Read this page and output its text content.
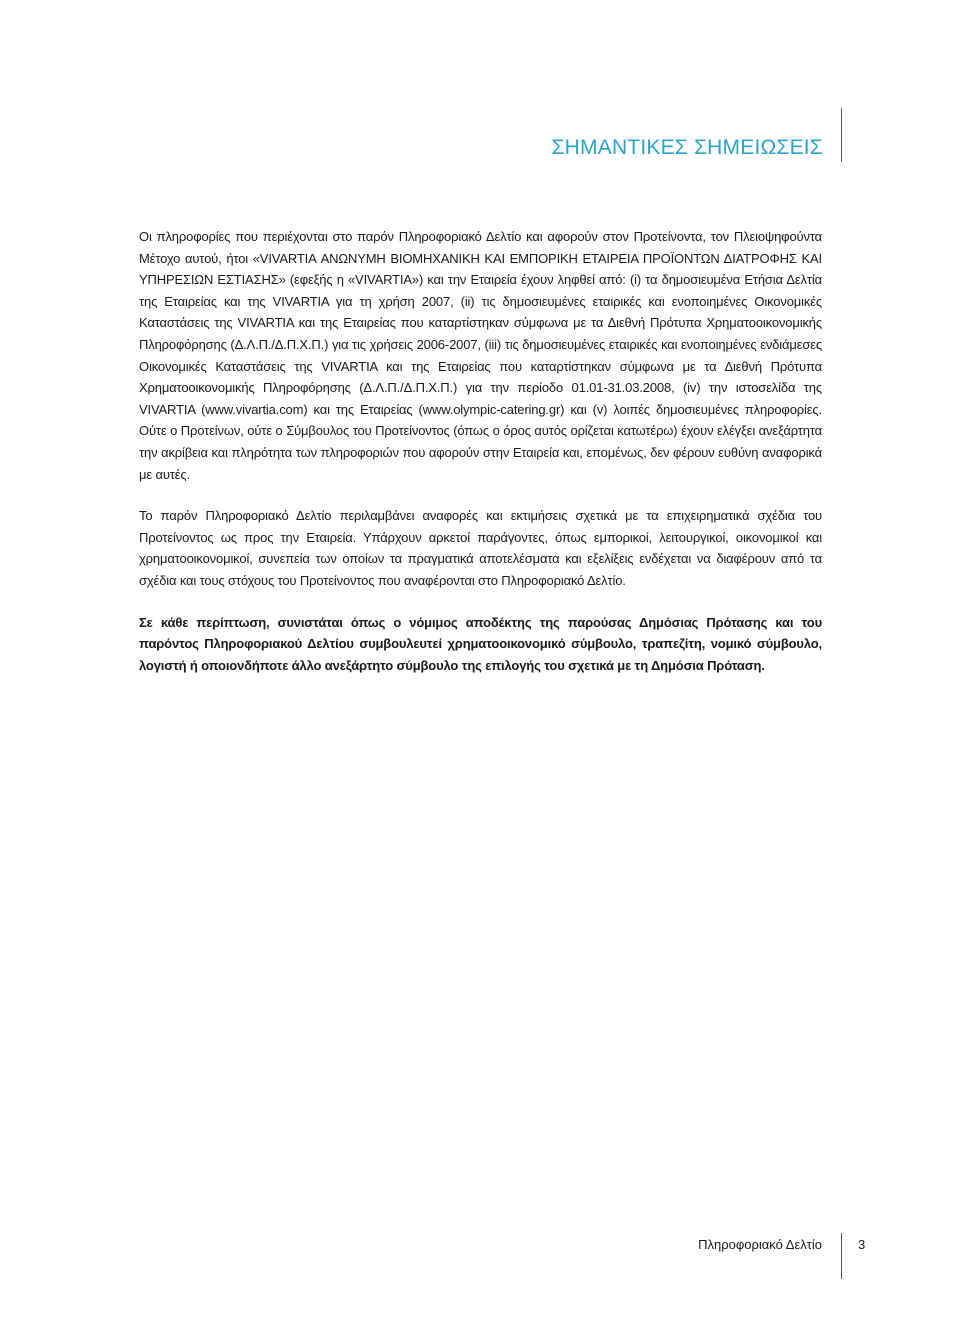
ΣΗΜΑΝΤΙΚΕΣ ΣΗΜΕΙΩΣΕΙΣ

Οι πληροφορίες που περιέχονται στο παρόν Πληροφοριακό Δελτίο και αφορούν στον Προτείνοντα, τον Πλειοψηφούντα Μέτοχο αυτού, ήτοι «VIVARTIA ΑΝΩΝΥΜΗ ΒΙΟΜΗΧΑΝΙΚΗ ΚΑΙ ΕΜΠΟΡΙΚΗ ΕΤΑΙΡΕΙΑ ΠΡΟΪΟΝΤΩΝ ΔΙΑΤΡΟΦΗΣ ΚΑΙ ΥΠΗΡΕΣΙΩΝ ΕΣΤΙΑΣΗΣ» (εφεξής η «VIVARTIA») και την Εταιρεία έχουν ληφθεί από: (i) τα δημοσιευμένα Ετήσια Δελτία της Εταιρείας και της VIVARTIA για τη χρήση 2007, (ii) τις δημοσιευμένες εταιρικές και ενοποιημένες Οικονομικές Καταστάσεις της VIVARTIA και της Εταιρείας που καταρτίστηκαν σύμφωνα με τα Διεθνή Πρότυπα Χρηματοοικονομικής Πληροφόρησης (Δ.Λ.Π./Δ.Π.Χ.Π.) για τις χρήσεις 2006-2007, (iii) τις δημοσιευμένες εταιρικές και ενοποιημένες ενδιάμεσες Οικονομικές Καταστάσεις της VIVARTIA και της Εταιρείας που καταρτίστηκαν σύμφωνα με τα Διεθνή Πρότυπα Χρηματοοικονομικής Πληροφόρησης (Δ.Λ.Π./Δ.Π.Χ.Π.) για την περίοδο 01.01-31.03.2008, (iv) την ιστοσελίδα της VIVARTIA (www.vivartia.com) και της Εταιρείας (www.olympic-catering.gr) και (v) λοιπές δημοσιευμένες πληροφορίες. Ούτε ο Προτείνων, ούτε ο Σύμβουλος του Προτείνοντος (όπως ο όρος αυτός ορίζεται κατωτέρω) έχουν ελέγξει ανεξάρτητα την ακρίβεια και πληρότητα των πληροφοριών που αφορούν στην Εταιρεία και, επομένως, δεν φέρουν ευθύνη αναφορικά με αυτές.

Το παρόν Πληροφοριακό Δελτίο περιλαμβάνει αναφορές και εκτιμήσεις σχετικά με τα επιχειρηματικά σχέδια του Προτείνοντος ως προς την Εταιρεία. Υπάρχουν αρκετοί παράγοντες, όπως εμπορικοί, λειτουργικοί, οικονομικοί και χρηματοοικονομικοί, συνεπεία των οποίων τα πραγματικά αποτελέσματα και εξελίξεις ενδέχεται να διαφέρουν από τα σχέδια και τους στόχους του Προτείνοντος που αναφέρονται στο Πληροφοριακό Δελτίο.

Σε κάθε περίπτωση, συνιστάται όπως ο νόμιμος αποδέκτης της παρούσας Δημόσιας Πρότασης και του παρόντος Πληροφοριακού Δελτίου συμβουλευτεί χρηματοοικονομικό σύμβουλο, τραπεζίτη, νομικό σύμβουλο, λογιστή ή οποιονδήποτε άλλο ανεξάρτητο σύμβουλο της επιλογής του σχετικά με τη Δημόσια Πρόταση.

Πληροφοριακό Δελτίο	3
